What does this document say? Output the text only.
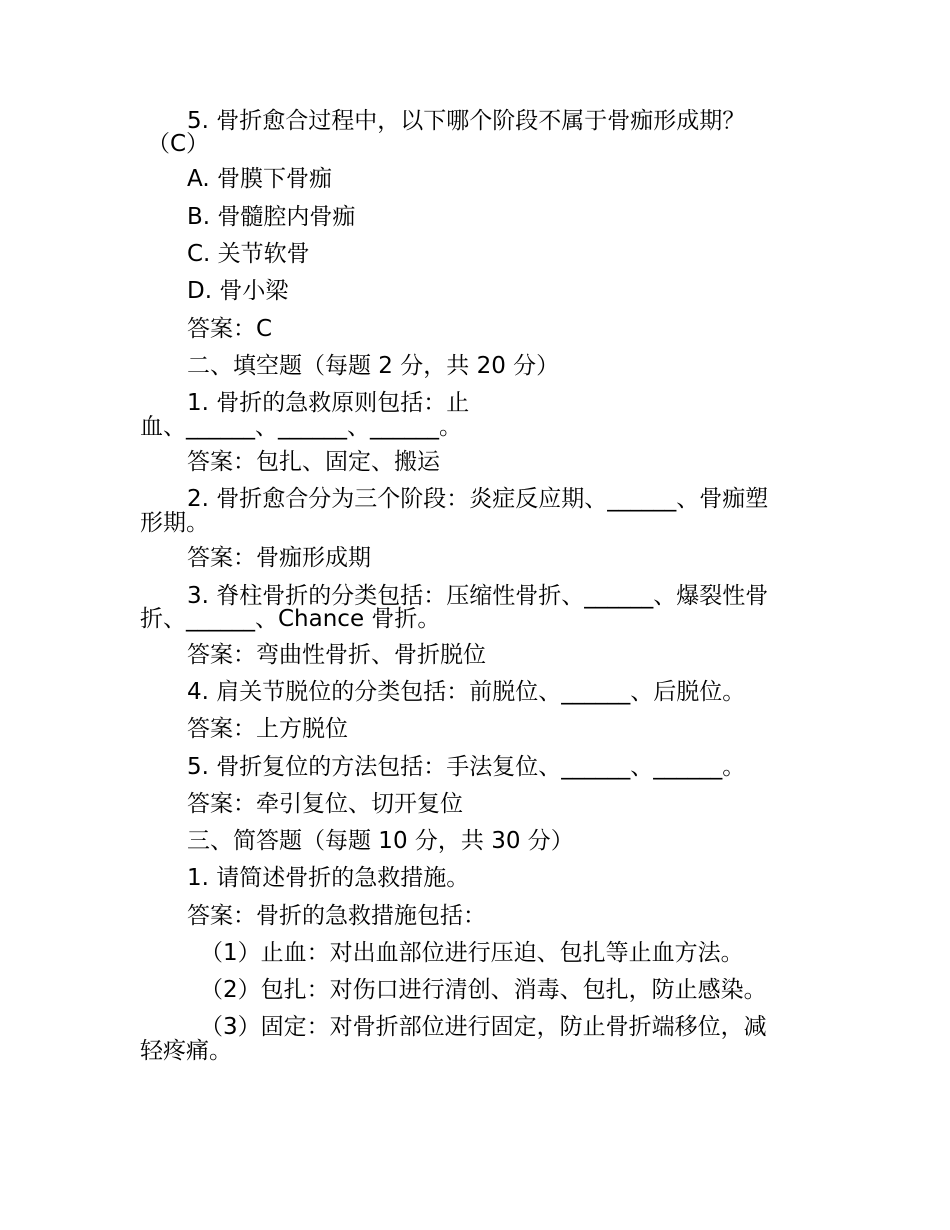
5. 骨折愈合过程中，以下哪个阶段不属于骨痂形成期？
（C）
A. 骨膜下骨痂
B. 骨髓腔内骨痂
C. 关节软骨
D. 骨小梁
答案：C
二、填空题（每题 2 分，共 20 分）
1. 骨折的急救原则包括：止
血、______、______、______。
答案：包扎、固定、搬运
2. 骨折愈合分为三个阶段：炎症反应期、______、骨痂塑
形期。
答案：骨痂形成期
3. 脊柱骨折的分类包括：压缩性骨折、______、爆裂性骨
折、______、Chance 骨折。
答案：弯曲性骨折、骨折脱位
4. 肩关节脱位的分类包括：前脱位、______、后脱位。
答案：上方脱位
5. 骨折复位的方法包括：手法复位、______、______。
答案：牵引复位、切开复位
三、简答题（每题 10 分，共 30 分）
1. 请简述骨折的急救措施。
答案：骨折的急救措施包括：
（1）止血：对出血部位进行压迫、包扎等止血方法。
（2）包扎：对伤口进行清创、消毒、包扎，防止感染。
（3）固定：对骨折部位进行固定，防止骨折端移位，减
轻疼痛。
